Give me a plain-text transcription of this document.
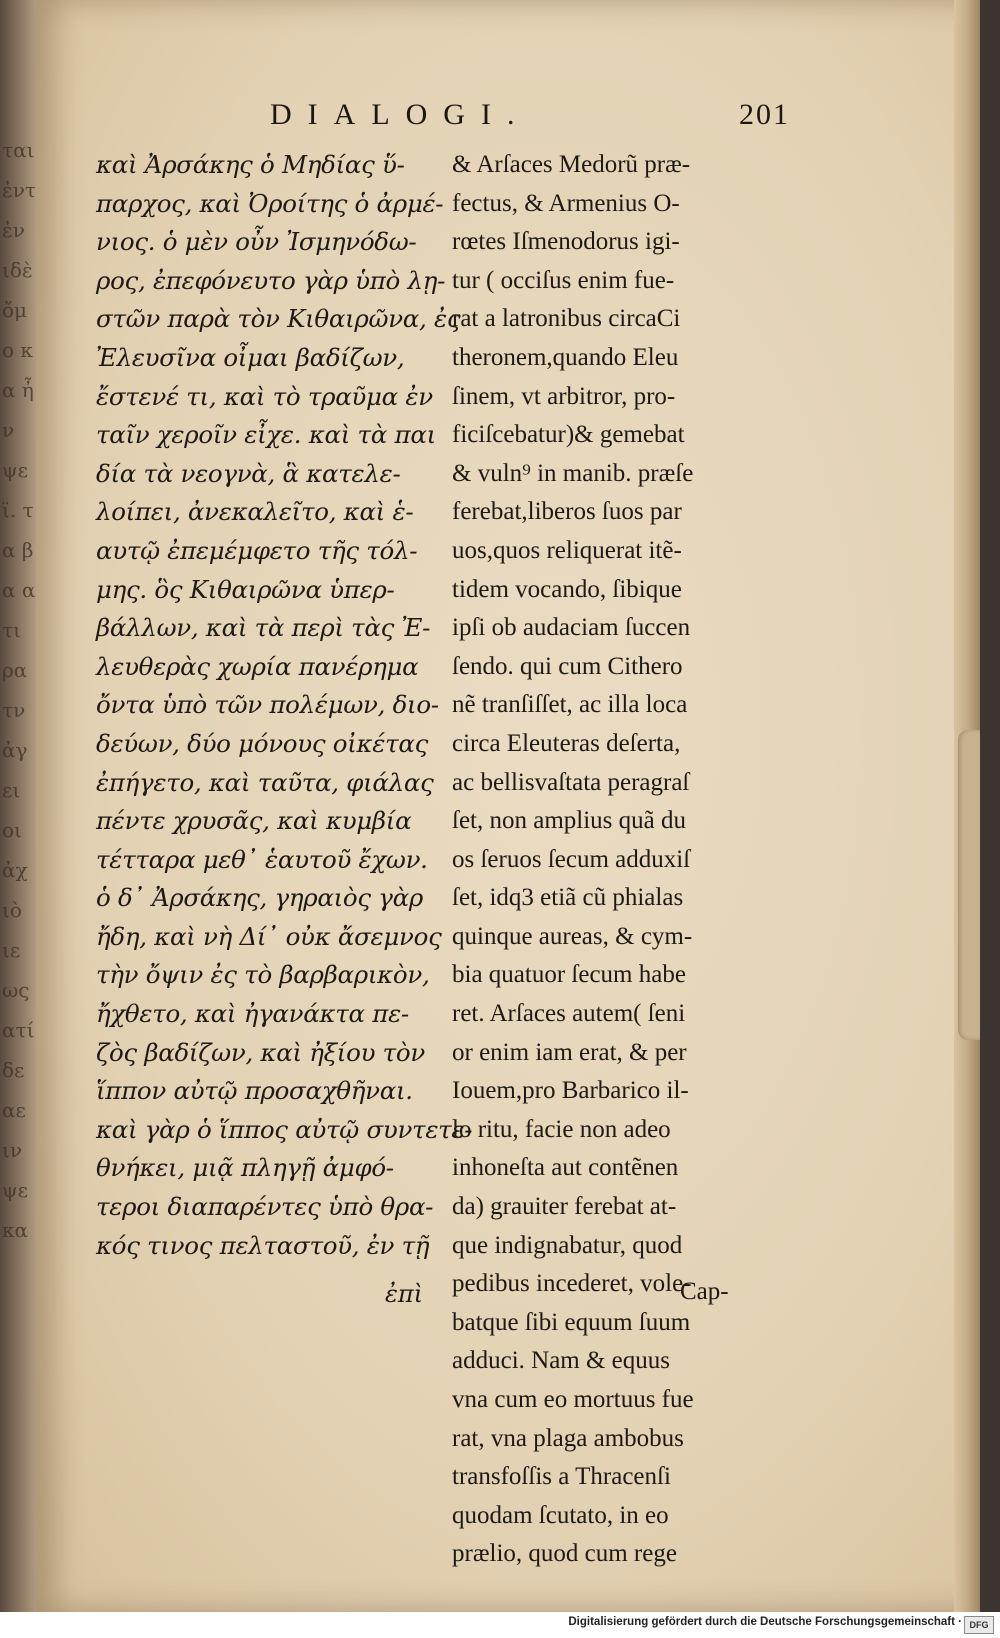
ται ἐντ ἐν ιδὲ ὄμο κα ἦν ψε ϊ. τα βα ατι ρα τν ἀγ ει οι ἀχ ιὸ ιε ως ατί δε αε ιν ψε κα
DIALOGI.	201
καὶ Ἀρσάκης ὁ Μηδίας ὕ-
παρχος, καὶ Ὀροίτης ὁ ἀρμέ-
νιος. ὁ μὲν οὖν Ἰσμηνόδω-
ρος, ἐπεφόνευτο γὰρ ὑπὸ λῃ-
στῶν παρὰ τὸν Κιθαιρῶνα, ἐς
Ἐλευσῖνα οἶμαι βαδίζων,
ἔστενέ τι, καὶ τὸ τραῦμα ἐν
ταῖν χεροῖν εἶχε. καὶ τὰ παι
δία τὰ νεογνὰ, ἃ κατελε-
λοίπει, ἀνεκαλεῖτο, καὶ ἑ-
αυτῷ ἐπεμέμφετο τῆς τόλ-
μης. ὃς Κιθαιρῶνα ὑπερ-
βάλλων, καὶ τὰ περὶ τὰς Ἐ-
λευθερὰς χωρία πανέρημα
ὄντα ὑπὸ τῶν πολέμων, διο-
δεύων, δύο μόνους οἰκέτας
ἐπήγετο, καὶ ταῦτα, φιάλας
πέντε χρυσᾶς, καὶ κυμβία
τέτταρα μεθ᾽ ἑαυτοῦ ἔχων.
ὁ δ᾽ Ἀρσάκης, γηραιὸς γὰρ
ἤδη, καὶ νὴ Δί᾽ οὐκ ἄσεμνος
τὴν ὄψιν ἐς τὸ βαρβαρικὸν,
ἤχθετο, καὶ ἠγανάκτα πε-
ζὸς βαδίζων, καὶ ἠξίου τὸν
ἵππον αὐτῷ προσαχθῆναι.
καὶ γὰρ ὁ ἵππος αὐτῷ συντετε-
θνήκει, μιᾷ πληγῇ ἀμφό-
τεροι διαπαρέντες ὑπὸ θρα-
κός τινος πελταστοῦ, ἐν τῇ
ἐπὶ
& Arſaces Medorũ præ-
fectus, & Armenius O-
rœtes Iſmenodorus igi-
tur ( occiſus enim fue-
rat a latronibus circaCi
theronem,quando Eleu
ſinem, vt arbitror, pro-
ficiſcebatur)& gemebat
& vuln⁹ in manib. præſe
ferebat,liberos ſuos par
uos,quos reliquerat itẽ-
tidem vocando, ſibique
ipſi ob audaciam ſuccen
ſendo. qui cum Cithero
nẽ tranſiſſet, ac illa loca
circa Eleuteras deſerta,
ac bellisvaſtata peragraſ
ſet, non amplius quã du
os ſeruos ſecum adduxiſ
ſet, idq3 etiã cũ phialas
quinque aureas, & cym-
bia quatuor ſecum habe
ret. Arſaces autem( ſeni
or enim iam erat, & per
Iouem,pro Barbarico il-
lo ritu, facie non adeo
inhoneſta aut contẽnen
da) grauiter ferebat at-
que indignabatur, quod
pedibus incederet, vole-
batque ſibi equum ſuum
adduci. Nam & equus
vna cum eo mortuus fue
rat, vna plaga ambobus
transfoſſis a Thracenſi
quodam ſcutato, in eo
prælio, quod cum rege
Cap-
Digitalisierung gefördert durch die Deutsche Forschungsgemeinschaft · DFG
